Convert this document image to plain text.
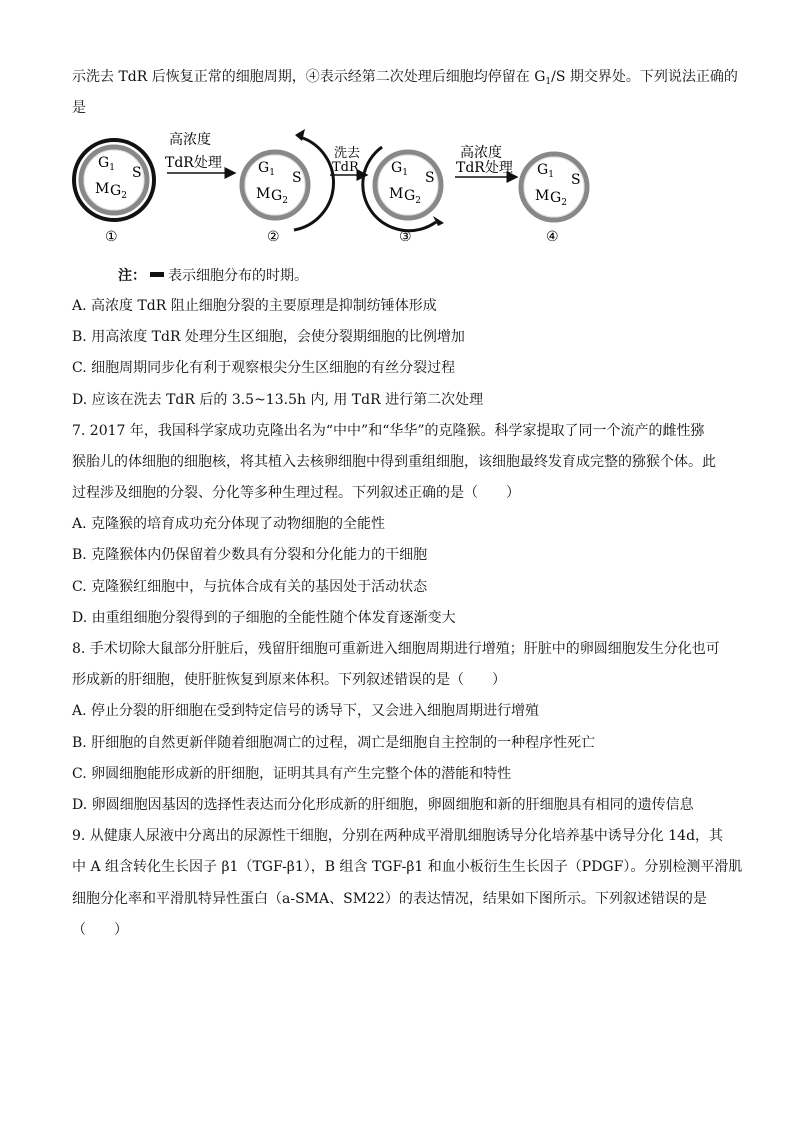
示洗去 TdR 后恢复正常的细胞周期，④表示经第二次处理后细胞均停留在 $G_1/S$ 期交界处。下列说法正确的
是
$G_1$ S
M $G_2$
高浓度
TdR处理	$G_1$ S
M $G_2$
洗去
TdR $G_1$ S
M $G_2$
高浓度
TdR处理 $G_1$ S
M $G_2$
①	②	③	④
注： 表示细胞分布的时期。
A. 高浓度 TdR 阻止细胞分裂的主要原理是抑制纺锤体形成
B. 用高浓度 TdR 处理分生区细胞，会使分裂期细胞的比例增加
C. 细胞周期同步化有利于观察根尖分生区细胞的有丝分裂过程
D. 应该在洗去 TdR 后的 3.5~13.5h 内, 用 TdR 进行第二次处理
7. 2017 年，我国科学家成功克隆出名为“中中”和“华华”的克隆猴。科学家提取了同一个流产的雌性猕
猴胎儿的体细胞的细胞核，将其植入去核卵细胞中得到重组细胞，该细胞最终发育成完整的猕猴个体。此
过程涉及细胞的分裂、分化等多种生理过程。下列叙述正确的是（　　）
A. 克隆猴的培育成功充分体现了动物细胞的全能性
B. 克隆猴体内仍保留着少数具有分裂和分化能力的干细胞
C. 克隆猴红细胞中，与抗体合成有关的基因处于活动状态
D. 由重组细胞分裂得到的子细胞的全能性随个体发育逐渐变大
8. 手术切除大鼠部分肝脏后，残留肝细胞可重新进入细胞周期进行增殖；肝脏中的卵圆细胞发生分化也可
形成新的肝细胞，使肝脏恢复到原来体积。下列叙述错误的是（　　）
A. 停止分裂的肝细胞在受到特定信号的诱导下，又会进入细胞周期进行增殖
B. 肝细胞的自然更新伴随着细胞凋亡的过程，凋亡是细胞自主控制的一种程序性死亡
C. 卵圆细胞能形成新的肝细胞，证明其具有产生完整个体的潜能和特性
D. 卵圆细胞因基因的选择性表达而分化形成新的肝细胞，卵圆细胞和新的肝细胞具有相同的遗传信息
9. 从健康人尿液中分离出的尿源性干细胞，分别在两种成平滑肌细胞诱导分化培养基中诱导分化 14d，其
中 A 组含转化生长因子 β1（TGF-β1），B 组含 TGF-β1 和血小板衍生生长因子（PDGF）。分别检测平滑肌
细胞分化率和平滑肌特异性蛋白（a-SMA、SM22）的表达情况，结果如下图所示。下列叙述错误的是
（　　）
